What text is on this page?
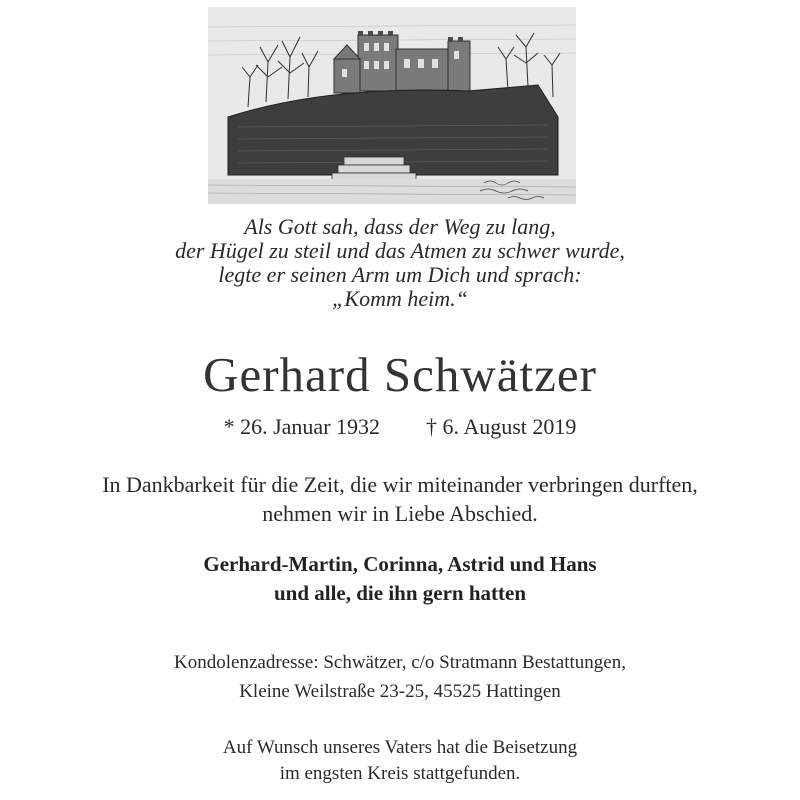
Als Gott sah, dass der Weg zu lang,
der Hügel zu steil und das Atmen zu schwer wurde,
legte er seinen Arm um Dich und sprach:
„Komm heim.“
Gerhard Schwätzer
* 26. Januar 1932 † 6. August 2019
In Dankbarkeit für die Zeit, die wir miteinander verbringen durften,
nehmen wir in Liebe Abschied.
Gerhard-Martin, Corinna, Astrid und Hans
und alle, die ihn gern hatten
Kondolenzadresse: Schwätzer, c/o Stratmann Bestattungen,
Kleine Weilstraße 23-25, 45525 Hattingen
Auf Wunsch unseres Vaters hat die Beisetzung
im engsten Kreis stattgefunden.
